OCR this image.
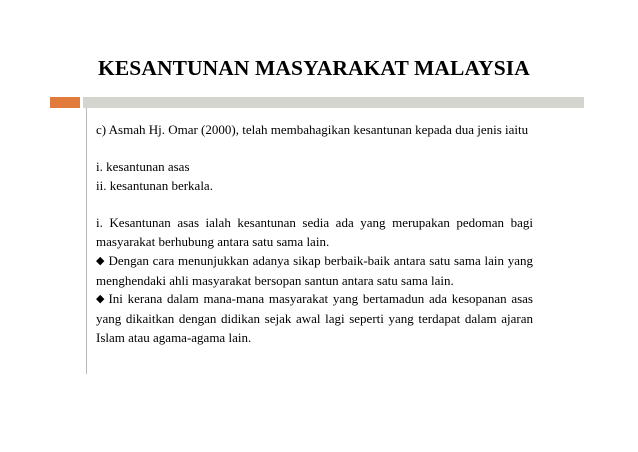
KESANTUNAN MASYARAKAT MALAYSIA

c) Asmah Hj. Omar (2000), telah membahagikan kesantunan kepada dua jenis iaitu

i. kesantunan asas

ii. kesantunan berkala.

i. Kesantunan asas ialah kesantunan sedia ada yang merupakan pedoman bagi masyarakat berhubung antara satu sama lain.

◆ Dengan cara menunjukkan adanya sikap berbaik-baik antara satu sama lain yang menghendaki ahli masyarakat bersopan santun antara satu sama lain.

◆ Ini kerana dalam mana-mana masyarakat yang bertamadun ada kesopanan asas yang dikaitkan dengan didikan sejak awal lagi seperti yang terdapat dalam ajaran Islam atau agama-agama lain.
